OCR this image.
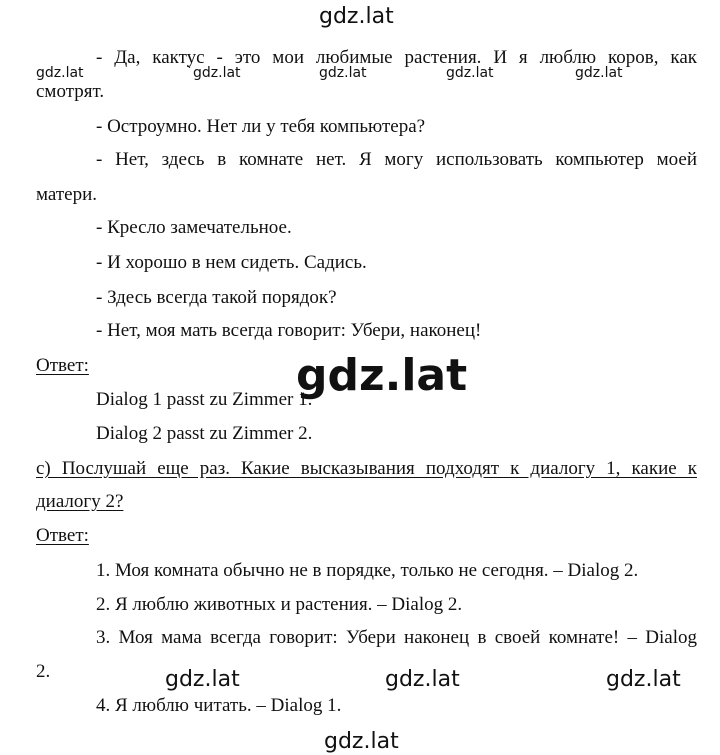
gdz.lat
gdz.lat	`gdz.lat	gdz.lat	gdz.lat	gdz.lat
- Да, кактус - это мои любимые растения. И я люблю коров, как
смотрят.
- Остроумно. Нет ли у тебя компьютера?
- Нет, здесь в комнате нет. Я могу использовать компьютер моей
матери.
- Кресло замечательное.
- И хорошо в нем сидеть. Садись.
- Здесь всегда такой порядок?
- Нет, моя мать всегда говорит: Убери, наконец!
Ответ:
Dialog 1 passt zu Zimmer 1.
Dialog 2 passt zu Zimmer 2.
gdz.lat
с) Послушай еще раз. Какие высказывания подходят к диалогу 1, какие к
диалогу 2?
Ответ:
1. Моя комната обычно не в порядке, только не сегодня. – Dialog 2.
2. Я люблю животных и растения. – Dialog 2.
3. Моя мама всегда говорит: Убери наконец в своей комнате! – Dialog
2.
4. Я люблю читать. – Dialog 1.
gdz.lat	gdz.lat	gdz.lat
gdz.lat
